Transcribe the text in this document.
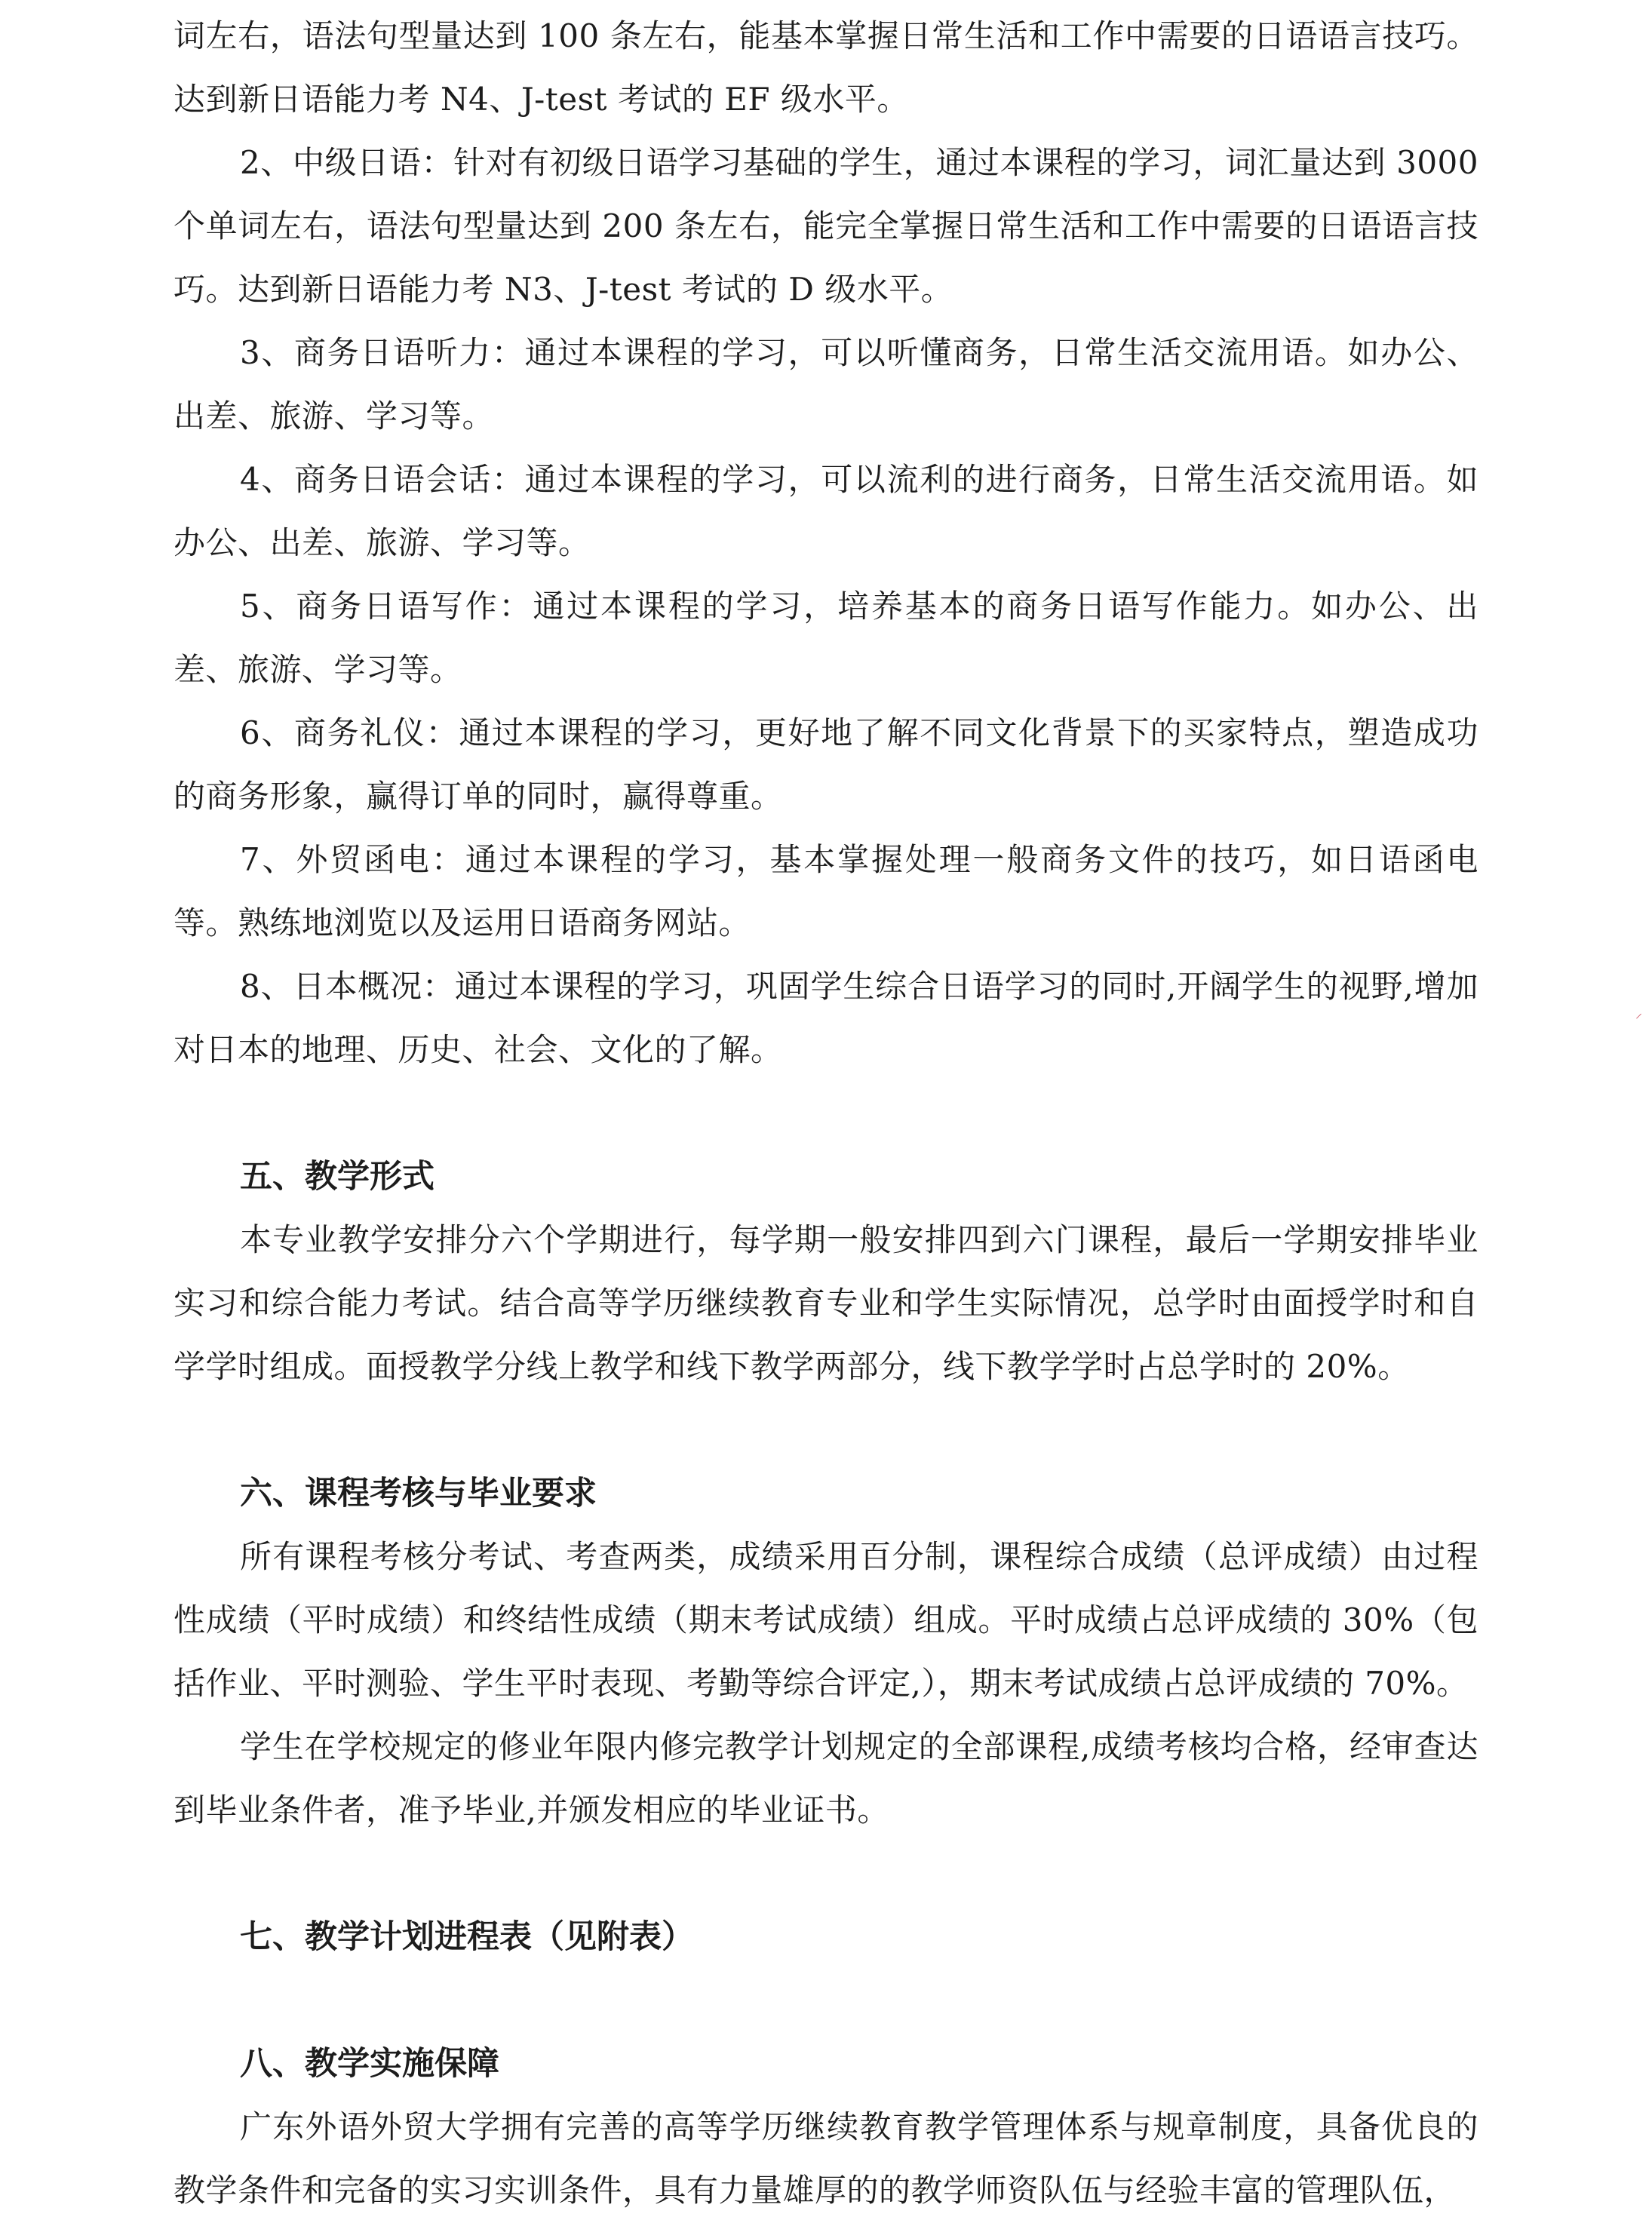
词左右，语法句型量达到 100 条左右，能基本掌握日常生活和工作中需要的日语语言技巧。达到新日语能力考 N4、J-test 考试的 EF 级水平。

2、中级日语：针对有初级日语学习基础的学生，通过本课程的学习，词汇量达到 3000 个单词左右，语法句型量达到 200 条左右，能完全掌握日常生活和工作中需要的日语语言技巧。达到新日语能力考 N3、J-test 考试的 D 级水平。

3、商务日语听力：通过本课程的学习，可以听懂商务，日常生活交流用语。如办公、出差、旅游、学习等。

4、商务日语会话：通过本课程的学习，可以流利的进行商务，日常生活交流用语。如办公、出差、旅游、学习等。

5、商务日语写作：通过本课程的学习，培养基本的商务日语写作能力。如办公、出差、旅游、学习等。

6、商务礼仪：通过本课程的学习，更好地了解不同文化背景下的买家特点，塑造成功的商务形象，赢得订单的同时，赢得尊重。

7、外贸函电：通过本课程的学习，基本掌握处理一般商务文件的技巧，如日语函电等。熟练地浏览以及运用日语商务网站。

8、日本概况：通过本课程的学习，巩固学生综合日语学习的同时,开阔学生的视野,增加对日本的地理、历史、社会、文化的了解。

五、教学形式

本专业教学安排分六个学期进行，每学期一般安排四到六门课程，最后一学期安排毕业实习和综合能力考试。结合高等学历继续教育专业和学生实际情况，总学时由面授学时和自学学时组成。面授教学分线上教学和线下教学两部分，线下教学学时占总学时的 20%。

六、课程考核与毕业要求

所有课程考核分考试、考查两类，成绩采用百分制，课程综合成绩（总评成绩）由过程性成绩（平时成绩）和终结性成绩（期末考试成绩）组成。平时成绩占总评成绩的 30%（包括作业、平时测验、学生平时表现、考勤等综合评定,），期末考试成绩占总评成绩的 70%。

学生在学校规定的修业年限内修完教学计划规定的全部课程,成绩考核均合格，经审查达到毕业条件者，准予毕业,并颁发相应的毕业证书。

七、教学计划进程表（见附表）
八、教学实施保障

广东外语外贸大学拥有完善的高等学历继续教育教学管理体系与规章制度，具备优良的教学条件和完备的实习实训条件，具有力量雄厚的的教学师资队伍与经验丰富的管理队伍，

⸝
